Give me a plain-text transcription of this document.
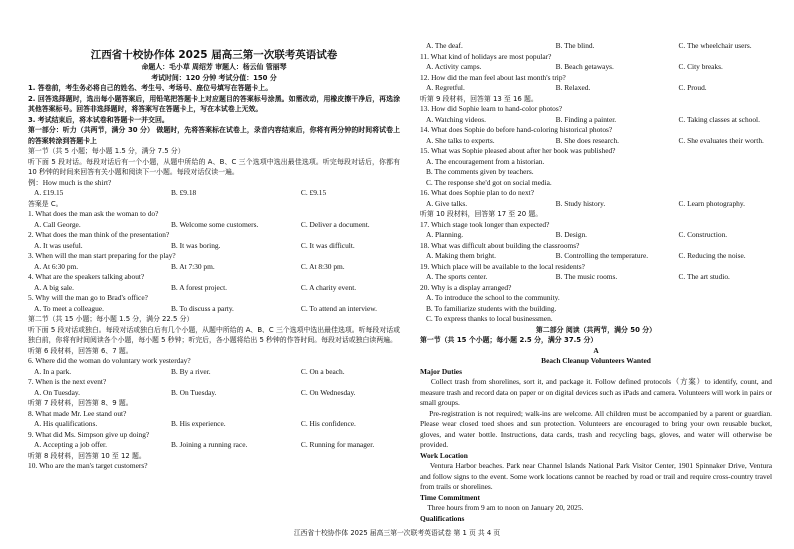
江西省十校协作体 2025 届高三第一次联考英语试卷
命题人：毛小草 周绍芳 审题人：杨云仙 管丽琴
考试时间：120 分钟 考试分值：150 分
1. 答卷前，考生务必将自己的姓名、考生号、考场号、座位号填写在答题卡上。
2. 回答选择题时，选出每小题答案后，用铅笔把答题卡上对应题目的答案标号涂黑。如需改动，用橡皮擦干净后，再选涂其他答案标号。回答非选择题时，将答案写在答题卡上，写在本试卷上无效。
3. 考试结束后，将本试卷和答题卡一并交回。
第一部分：听力（共两节，满分 30 分） 做题时，先将答案标在试卷上，录音内容结束后，你将有两分钟的时间将试卷上的答案转涂到答题卡上
第一节（共 5 小题；每小题 1.5 分，满分 7.5 分）
听下面 5 段对话。每段对话后有一个小题，从题中所给的 A、B、C 三个选项中选出最佳选项。听完每段对话后，你都有 10 秒钟的时间来回答有关小题和阅读下一小题。每段对话仅读一遍。
例：How much is the shirt?
A. £19.15	B. £9.18	C. £9.15
答案是 C。
1. What does the man ask the woman to do?
A. Call George.	B. Welcome some customers.	C. Deliver a document.
2. What does the man think of the presentation?
A. It was useful.	B. It was boring.	C. It was difficult.
3. When will the man start preparing for the play?
A. At 6:30 pm.	B. At 7:30 pm.	C. At 8:30 pm.
4. What are the speakers talking about?
A. A big sale.	B. A forest project.	C. A charity event.
5. Why will the man go to Brad's office?
A. To meet a colleague.	B. To discuss a party.	C. To attend an interview.
第二节（共 15 小题；每小题 1.5 分，满分 22.5 分）
听下面 5 段对话或独白。每段对话或独白后有几个小题，从题中所给的 A、B、C 三个选项中选出最佳选项。听每段对话或独白前，你将有时间阅读各个小题，每小题 5 秒钟；听完后，各小题将给出 5 秒钟的作答时间。每段对话或独白读两遍。
听第 6 段材料，回答第 6、7 题。
6. Where did the woman do voluntary work yesterday?
A. In a park.	B. By a river.	C. On a beach.
7. When is the next event?
A. On Tuesday.	B. On Tuesday.	C. On Wednesday.
听第 7 段材料，回答第 8、9 题。
8. What made Mr. Lee stand out?
A. His qualifications.	B. His experience.	C. His confidence.
9. What did Ms. Simpson give up doing?
A. Accepting a job offer.	B. Joining a running race.	C. Running for manager.
听第 8 段材料，回答第 10 至 12 题。
10. Who are the man's target customers?
A. The deaf.	B. The blind.	C. The wheelchair users.
11. What kind of holidays are most popular?
A. Activity camps.	B. Beach getaways.	C. City breaks.
12. How did the man feel about last month's trip?
A. Regretful.	B. Relaxed.	C. Proud.
听第 9 段材料，回答第 13 至 16 题。
13. How did Sophie learn to hand-color photos?
A. Watching videos.	B. Finding a painter.	C. Taking classes at school.
14. What does Sophie do before hand-coloring historical photos?
A. She talks to experts.	B. She does research.	C. She evaluates their worth.
15. What was Sophie pleased about after her book was published?
A. The encouragement from a historian.
B. The comments given by teachers.
C. The response she'd got on social media.
16. What does Sophie plan to do next?
A. Give talks.	B. Study history.	C. Learn photography.
听第 10 段材料，回答第 17 至 20 题。
17. Which stage took longer than expected?
A. Planning.	B. Design.	C. Construction.
18. What was difficult about building the classrooms?
A. Making them bright.	B. Controlling the temperature.	C. Reducing the noise.
19. Which place will be available to the local residents?
A. The sports center.	B. The music rooms.	C. The art studio.
20. Why is a display arranged?
A. To introduce the school to the community.
B. To familiarize students with the building.
C. To express thanks to local businessmen.
第二部分 阅读（共两节，满分 50 分）
第一节（共 15 个小题；每小题 2.5 分，满分 37.5 分）
A
Beach Cleanup Volunteers Wanted
Major Duties
Collect trash from shorelines, sort it, and package it. Follow defined protocols（方案）to identify, count, and measure trash and record data on paper or on digital devices such as iPads and camera. Volunteers will work in pairs or small groups.
Pre-registration is not required; walk-ins are welcome. All children must be accompanied by a parent or guardian. Please wear closed toed shoes and sun protection. Volunteers are encouraged to bring your own reusable bucket, gloves, and water bottle. Instructions, data cards, trash and recycling bags, gloves, and water will otherwise be provided.
Work Location
Ventura Harbor beaches. Park near Channel Islands National Park Visitor Center, 1901 Spinnaker Drive, Ventura and follow signs to the event. Some work locations cannot be reached by road or trail and require cross-country travel from trails or shorelines.
Time Commitment
Three hours from 9 am to noon on January 20, 2025.
Qualifications
江西省十校协作体 2025 届高三第一次联考英语试卷 第 1 页 共 4 页
